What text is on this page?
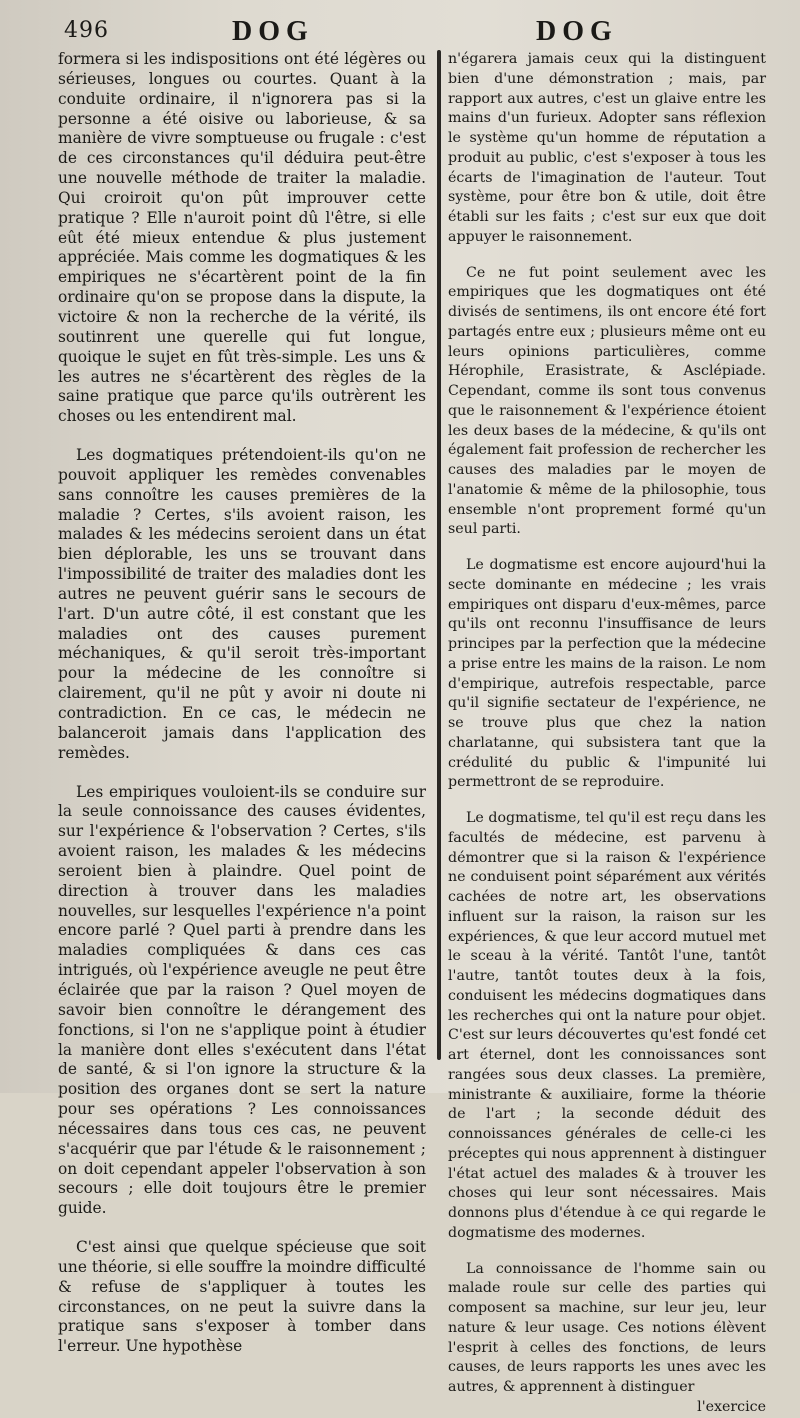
496	DOG	DOG

formera si les indispositions ont été légères ou sérieuses, longues ou courtes. Quant à la conduite ordinaire, il n'ignorera pas si la personne a été oisive ou laborieuse, & sa manière de vivre somptueuse ou frugale : c'est de ces circonstances qu'il déduira peut-être une nouvelle méthode de traiter la maladie. Qui croiroit qu'on pût improuver cette pratique ? Elle n'auroit point dû l'être, si elle eût été mieux entendue & plus justement appréciée. Mais comme les dogmatiques & les empiriques ne s'écartèrent point de la fin ordinaire qu'on se propose dans la dispute, la victoire & non la recherche de la vérité, ils soutinrent une querelle qui fut longue, quoique le sujet en fût très-simple. Les uns & les autres ne s'écartèrent des règles de la saine pratique que parce qu'ils outrèrent les choses ou les entendirent mal.

Les dogmatiques prétendoient-ils qu'on ne pouvoit appliquer les remèdes convenables sans connoître les causes premières de la maladie ? Certes, s'ils avoient raison, les malades & les médecins seroient dans un état bien déplorable, les uns se trouvant dans l'impossibilité de traiter des maladies dont les autres ne peuvent guérir sans le secours de l'art. D'un autre côté, il est constant que les maladies ont des causes purement méchaniques, & qu'il seroit très-important pour la médecine de les connoître si clairement, qu'il ne pût y avoir ni doute ni contradiction. En ce cas, le médecin ne balanceroit jamais dans l'application des remèdes.

Les empiriques vouloient-ils se conduire sur la seule connoissance des causes évidentes, sur l'expérience & l'observation ? Certes, s'ils avoient raison, les malades & les médecins seroient bien à plaindre. Quel point de direction à trouver dans les maladies nouvelles, sur lesquelles l'expérience n'a point encore parlé ? Quel parti à prendre dans les maladies compliquées & dans ces cas intrigués, où l'expérience aveugle ne peut être éclairée que par la raison ? Quel moyen de savoir bien connoître le dérangement des fonctions, si l'on ne s'applique point à étudier la manière dont elles s'exécutent dans l'état de santé, & si l'on ignore la structure & la position des organes dont se sert la nature pour ses opérations ? Les connoissances nécessaires dans tous ces cas, ne peuvent s'acquérir que par l'étude & le raisonnement ; on doit cependant appeler l'observation à son secours ; elle doit toujours être le premier guide.

C'est ainsi que quelque spécieuse que soit une théorie, si elle souffre la moindre difficulté & refuse de s'appliquer à toutes les circonstances, on ne peut la suivre dans la pratique sans s'exposer à tomber dans l'erreur. Une hypothèse

n'égarera jamais ceux qui la distinguent bien d'une démonstration ; mais, par rapport aux autres, c'est un glaive entre les mains d'un furieux. Adopter sans réflexion le système qu'un homme de réputation a produit au public, c'est s'exposer à tous les écarts de l'imagination de l'auteur. Tout système, pour être bon & utile, doit être établi sur les faits ; c'est sur eux que doit appuyer le raisonnement.

Ce ne fut point seulement avec les empiriques que les dogmatiques ont été divisés de sentimens, ils ont encore été fort partagés entre eux ; plusieurs même ont eu leurs opinions particulières, comme Hérophile, Erasistrate, & Asclépiade. Cependant, comme ils sont tous convenus que le raisonnement & l'expérience étoient les deux bases de la médecine, & qu'ils ont également fait profession de rechercher les causes des maladies par le moyen de l'anatomie & même de la philosophie, tous ensemble n'ont proprement formé qu'un seul parti.

Le dogmatisme est encore aujourd'hui la secte dominante en médecine ; les vrais empiriques ont disparu d'eux-mêmes, parce qu'ils ont reconnu l'insuffisance de leurs principes par la perfection que la médecine a prise entre les mains de la raison. Le nom d'empirique, autrefois respectable, parce qu'il signifie sectateur de l'expérience, ne se trouve plus que chez la nation charlatanne, qui subsistera tant que la crédulité du public & l'impunité lui permettront de se reproduire.

Le dogmatisme, tel qu'il est reçu dans les facultés de médecine, est parvenu à démontrer que si la raison & l'expérience ne conduisent point séparément aux vérités cachées de notre art, les observations influent sur la raison, la raison sur les expériences, & que leur accord mutuel met le sceau à la vérité. Tantôt l'une, tantôt l'autre, tantôt toutes deux à la fois, conduisent les médecins dogmatiques dans les recherches qui ont la nature pour objet. C'est sur leurs découvertes qu'est fondé cet art éternel, dont les connoissances sont rangées sous deux classes. La première, ministrante & auxiliaire, forme la théorie de l'art ; la seconde déduit des connoissances générales de celle-ci les préceptes qui nous apprennent à distinguer l'état actuel des malades & à trouver les choses qui leur sont nécessaires. Mais donnons plus d'étendue à ce qui regarde le dogmatisme des modernes.

La connoissance de l'homme sain ou malade roule sur celle des parties qui composent sa machine, sur leur jeu, leur nature & leur usage. Ces notions élèvent l'esprit à celles des fonctions, de leurs causes, de leurs rapports les unes avec les autres, & apprennent à distinguer

l'exercice
